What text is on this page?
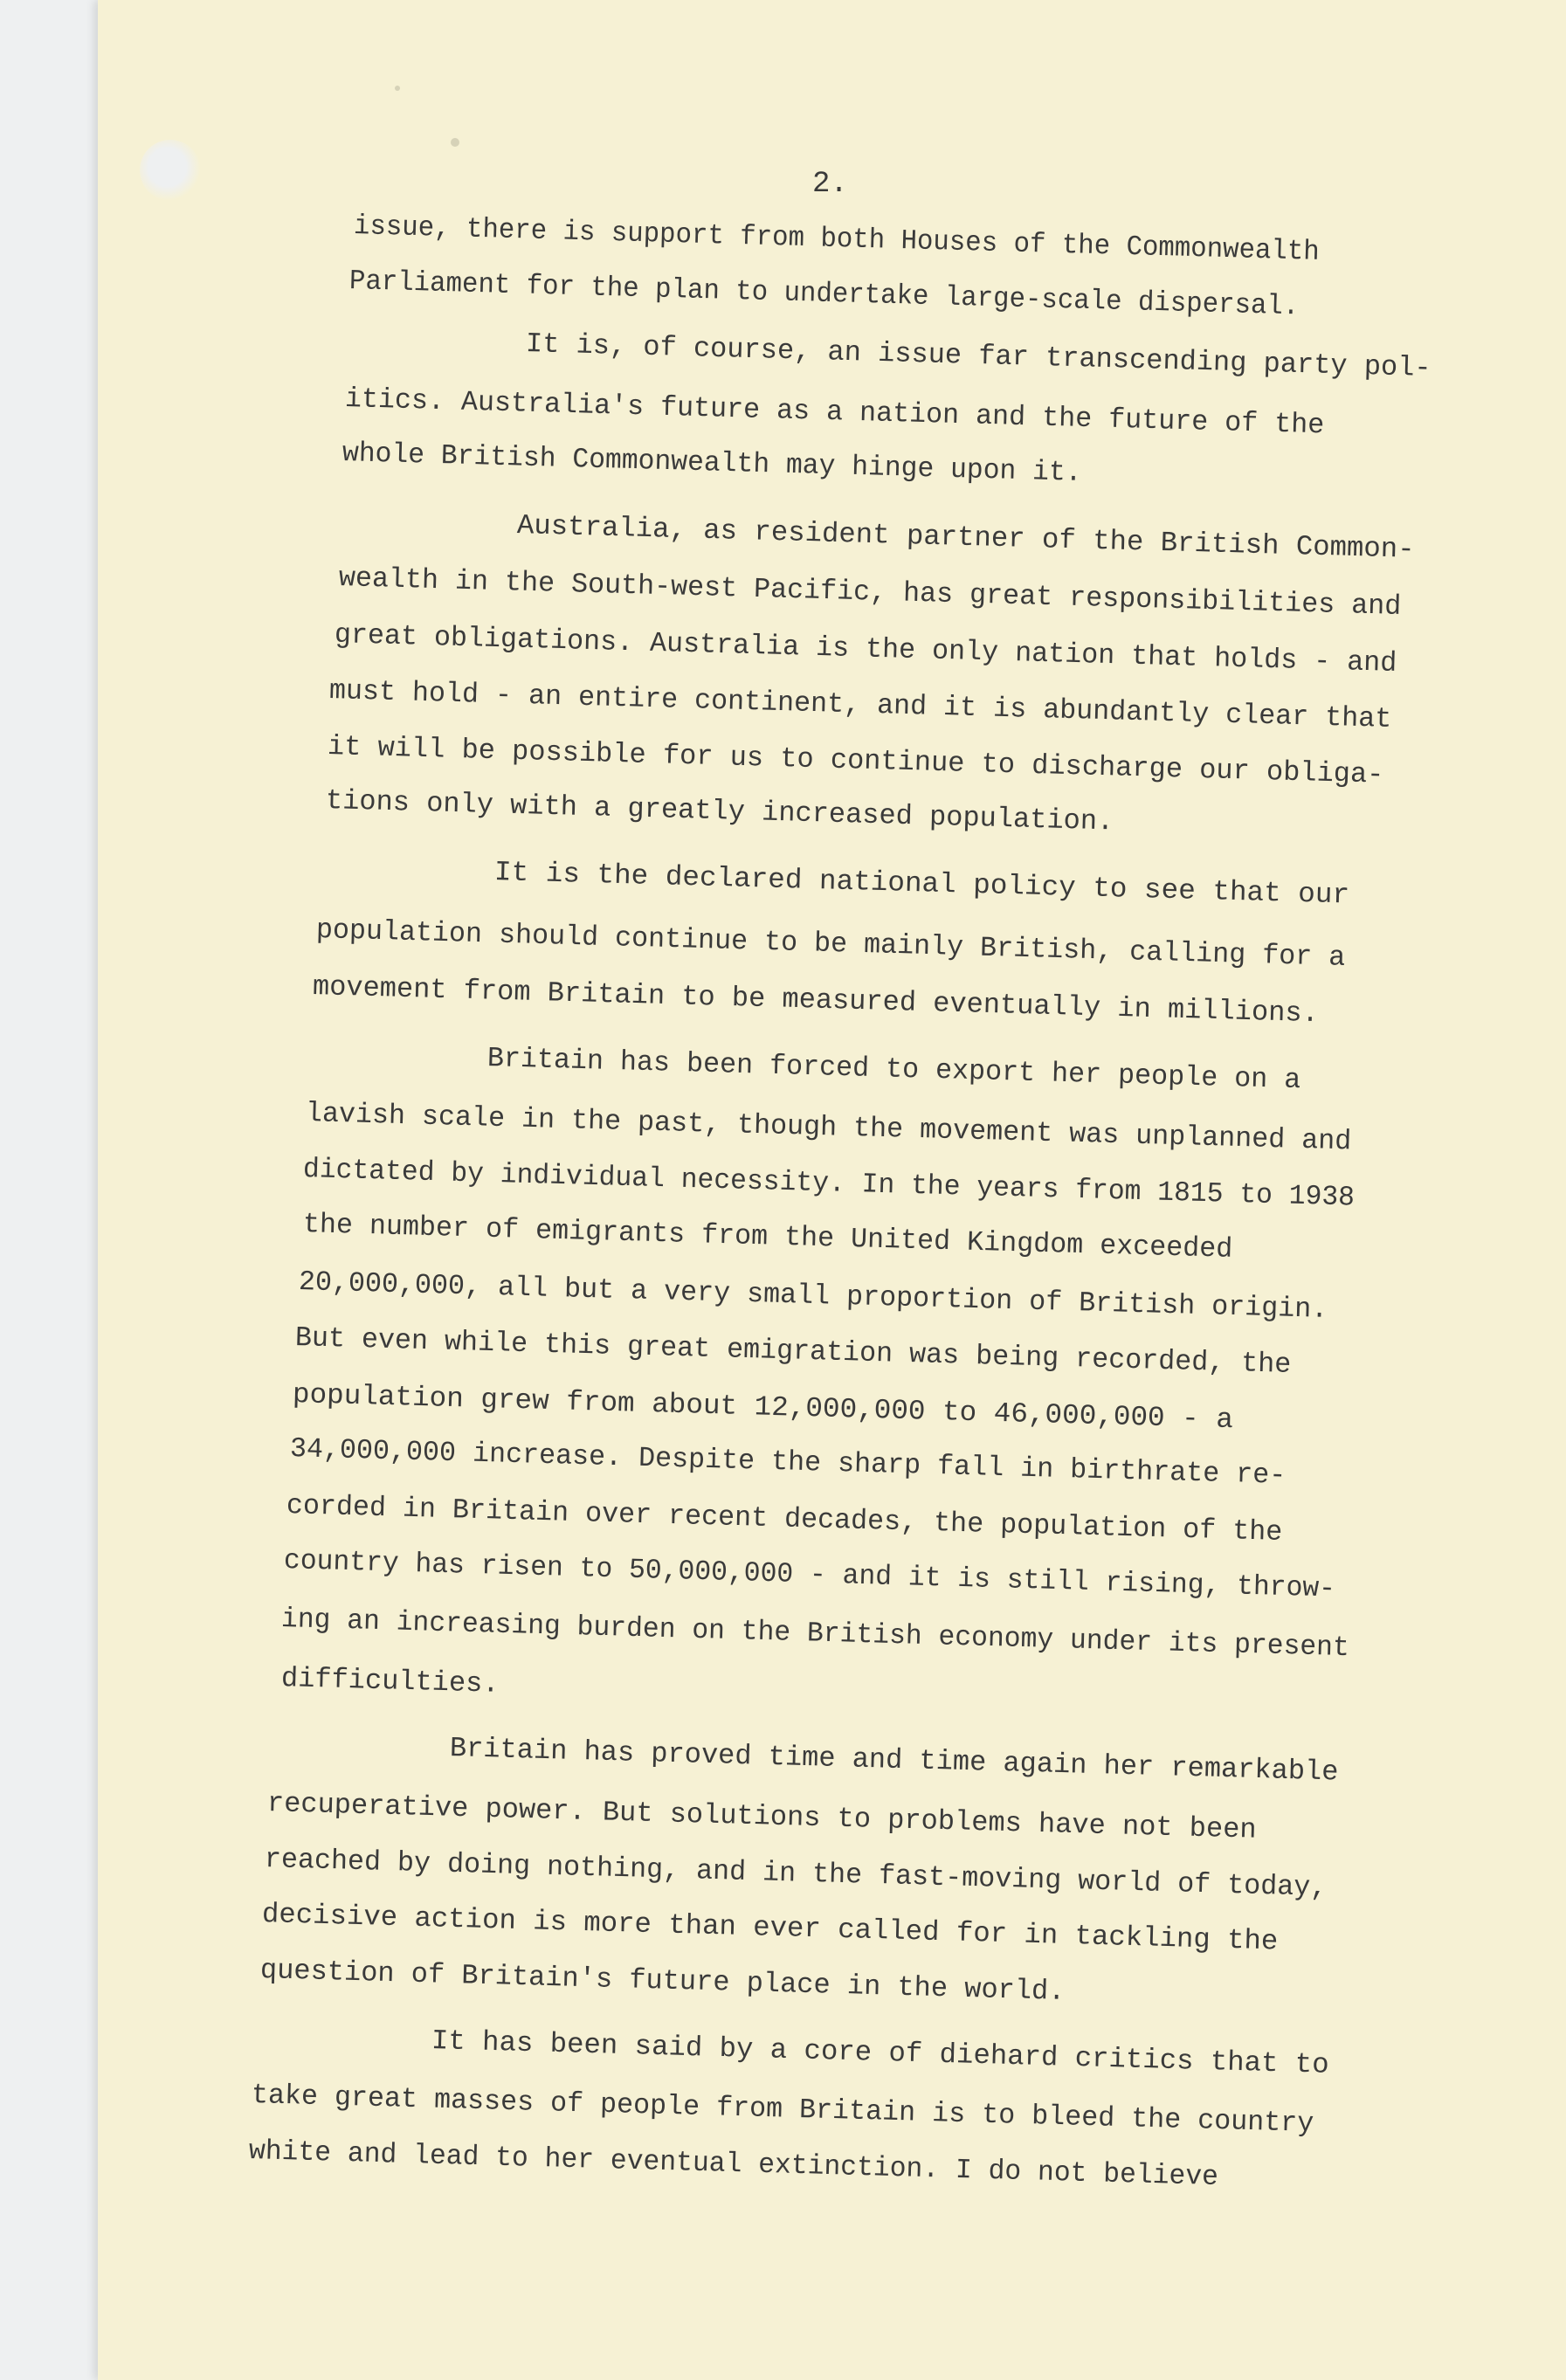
2.
issue, there is support from both Houses of the Commonwealth
Parliament for the plan to undertake large-scale dispersal.
It is, of course, an issue far transcending party pol-
itics. Australia's future as a nation and the future of the
whole British Commonwealth may hinge upon it.
Australia, as resident partner of the British Common-
wealth in the South-west Pacific, has great responsibilities and
great obligations. Australia is the only nation that holds - and
must hold - an entire continent, and it is abundantly clear that
it will be possible for us to continue to discharge our obliga-
tions only with a greatly increased population.
It is the declared national policy to see that our
population should continue to be mainly British, calling for a
movement from Britain to be measured eventually in millions.
Britain has been forced to export her people on a
lavish scale in the past, though the movement was unplanned and
dictated by individual necessity. In the years from 1815 to 1938
the number of emigrants from the United Kingdom exceeded
20,000,000, all but a very small proportion of British origin.
But even while this great emigration was being recorded, the
population grew from about 12,000,000 to 46,000,000 - a
34,000,000 increase. Despite the sharp fall in birthrate re-
corded in Britain over recent decades, the population of the
country has risen to 50,000,000 - and it is still rising, throw-
ing an increasing burden on the British economy under its present
difficulties.
Britain has proved time and time again her remarkable
recuperative power. But solutions to problems have not been
reached by doing nothing, and in the fast-moving world of today,
decisive action is more than ever called for in tackling the
question of Britain's future place in the world.
It has been said by a core of diehard critics that to
take great masses of people from Britain is to bleed the country
white and lead to her eventual extinction. I do not believe
